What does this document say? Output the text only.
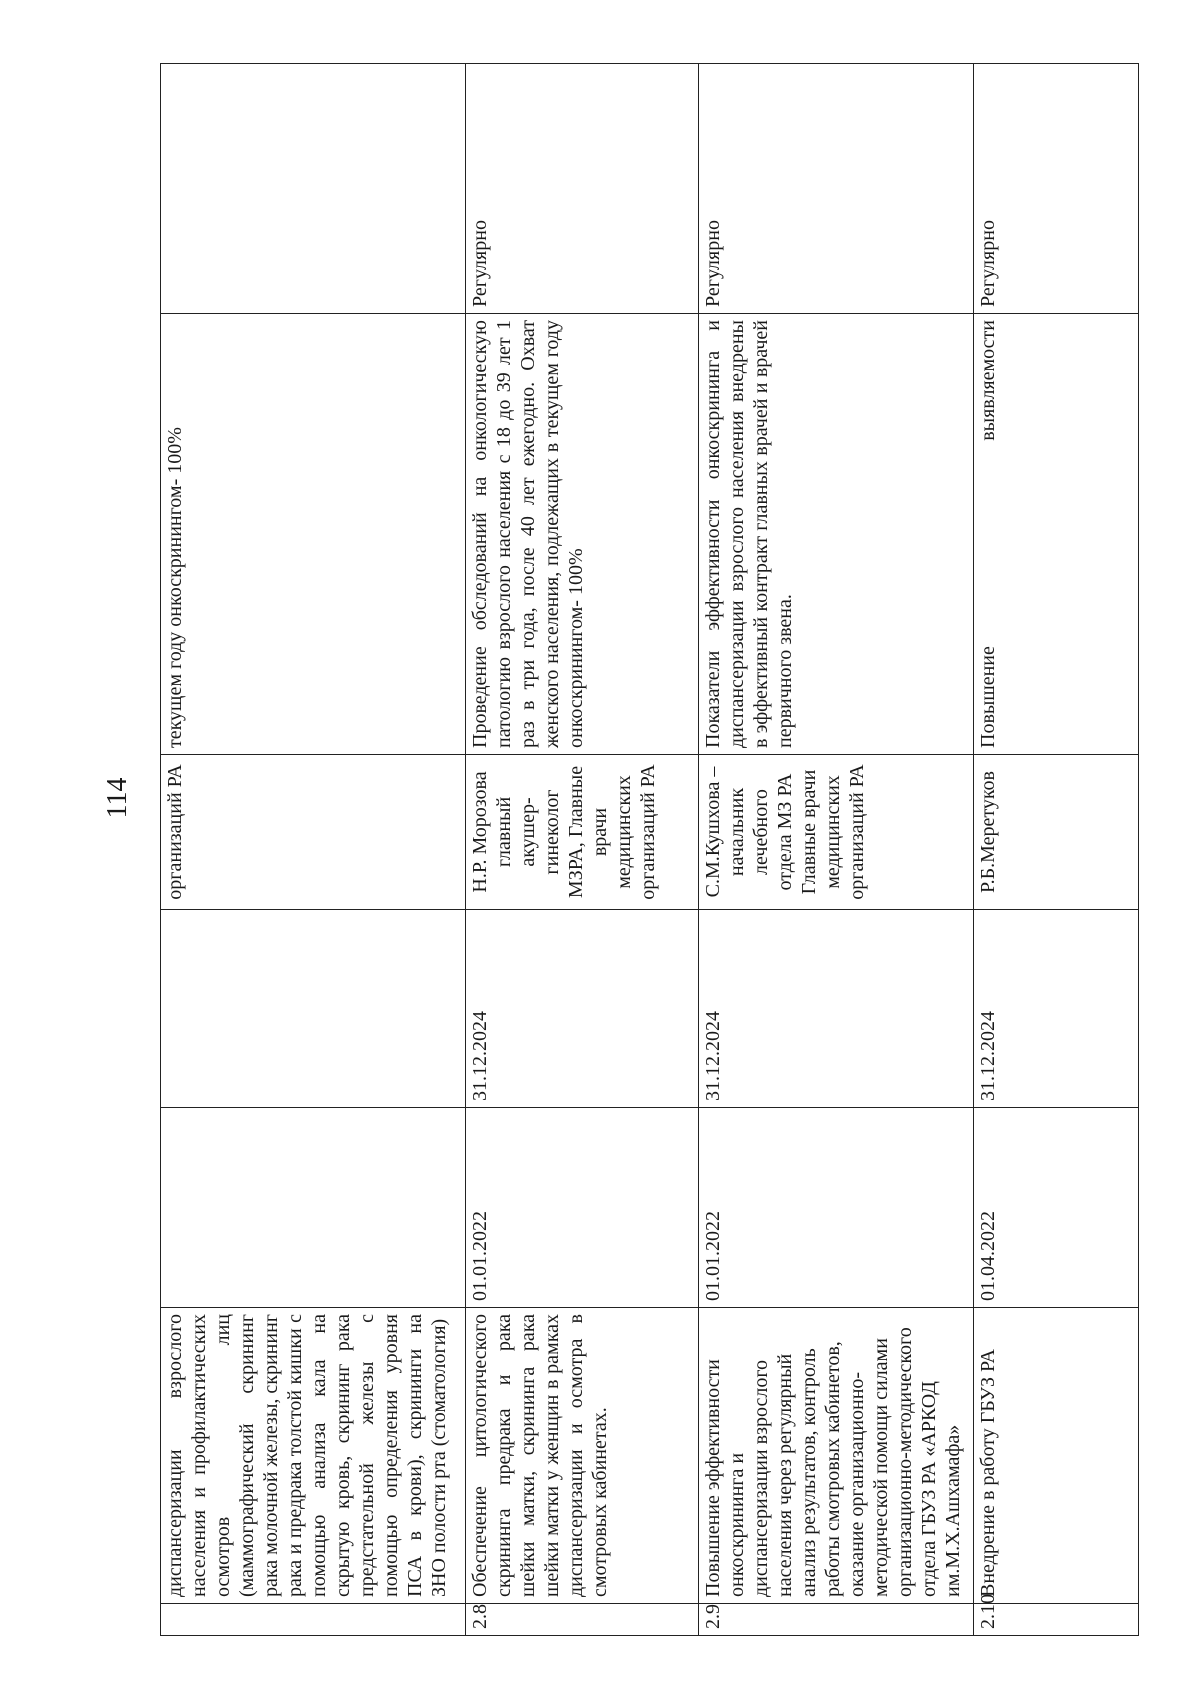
114
	диспансеризации взрослого населения и профилактических осмотров лиц (маммографический скрининг рака молочной железы, скрининг рака и предрака толстой кишки с помощью анализа кала на скрытую кровь, скрининг рака предстательной железы с помощью определения уровня ПСА в крови), скрининги на ЗНО полости рта (стоматология)			организаций РА	текущем году онкоскринингом- 100%	
2.8	Обеспечение цитологического скрининга предрака и рака шейки матки, скрининга рака шейки матки у женщин в рамках диспансеризации и осмотра в смотровых кабинетах.	01.01.2022	31.12.2024	Н.Р. Морозова главный акушер-гинеколог МЗРА, Главные врачи медицинских организаций РА	Проведение обследований на онкологическую патологию взрослого населения с 18 до 39 лет 1 раз в три года, после 40 лет ежегодно. Охват женского населения, подлежащих в текущем году онкоскринингом- 100%	Регулярно
2.9	Повышение эффективности онкоскрининга и диспансеризации взрослого населения через регулярный анализ результатов, контроль работы смотровых кабинетов, оказание организационно-методической помощи силами организационно-методического отдела ГБУЗ РА «АРКОД им.М.Х.Ашхамафа»	01.01.2022	31.12.2024	С.М.Кушхова – начальник лечебного отдела МЗ РА Главные врачи медицинских организаций РА	Показатели эффективности онкоскрининга и диспансеризации взрослого населения внедрены в эффективный контракт главных врачей и врачей первичного звена.	Регулярно
2.10	Внедрение в работу ГБУЗ РА	01.04.2022	31.12.2024	Р.Б.Меретуков	Повышение выявляемости	Регулярно
